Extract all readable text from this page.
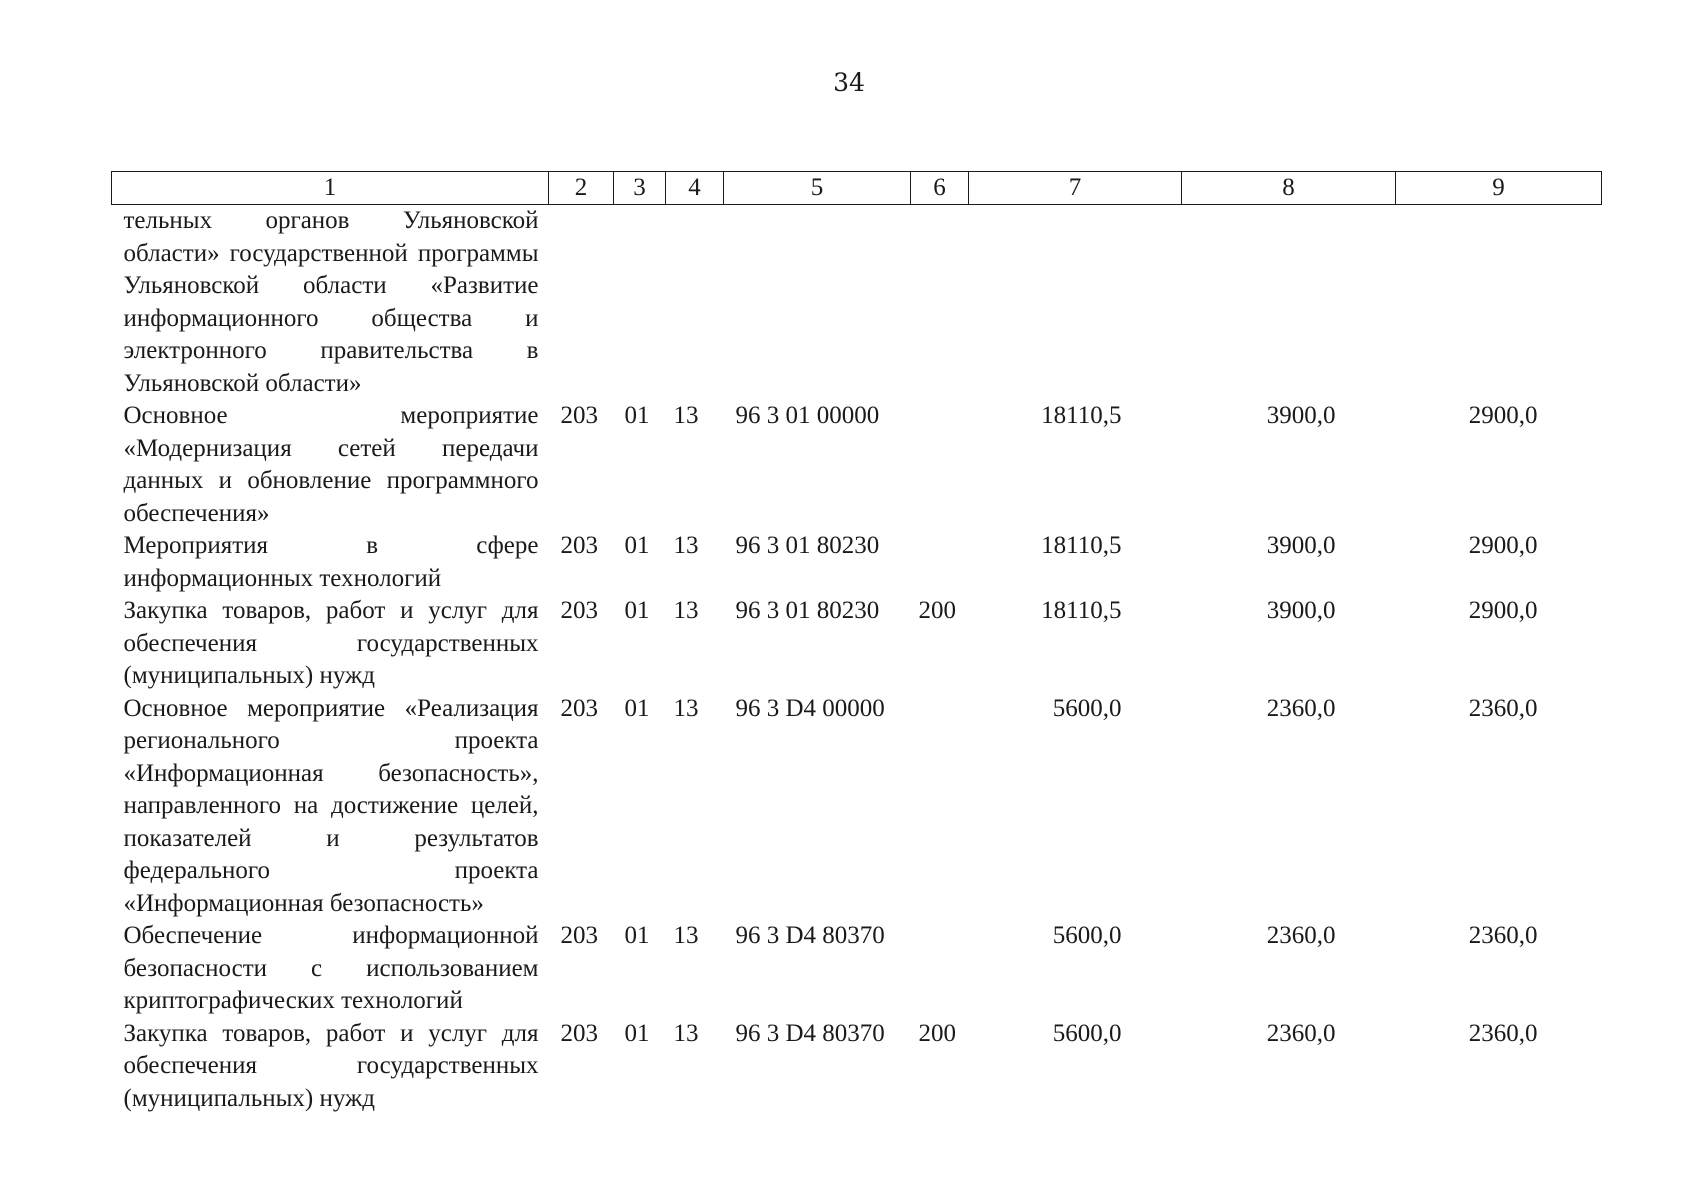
34
1	2	3	4	5	6	7	8	9
тельных органов Ульяновской области» государственной программы Ульяновской области «Развитие информационного общества и электронного правительства в Ульяновской области»								
Основное мероприятие «Модернизация сетей передачи данных и обновление программного обеспечения»	203	01	13	96 3 01 00000		18110,5	3900,0	2900,0
Мероприятия в сфере информационных технологий	203	01	13	96 3 01 80230		18110,5	3900,0	2900,0
Закупка товаров, работ и услуг для обеспечения государственных (муниципальных) нужд	203	01	13	96 3 01 80230	200	18110,5	3900,0	2900,0
Основное мероприятие «Реализация регионального проекта «Информационная безопасность», направленного на достижение целей, показателей и результатов федерального проекта «Информационная безопасность»	203	01	13	96 3 D4 00000		5600,0	2360,0	2360,0
Обеспечение информационной безопасности с использованием криптографических технологий	203	01	13	96 3 D4 80370		5600,0	2360,0	2360,0
Закупка товаров, работ и услуг для обеспечения государственных (муниципальных) нужд	203	01	13	96 3 D4 80370	200	5600,0	2360,0	2360,0
